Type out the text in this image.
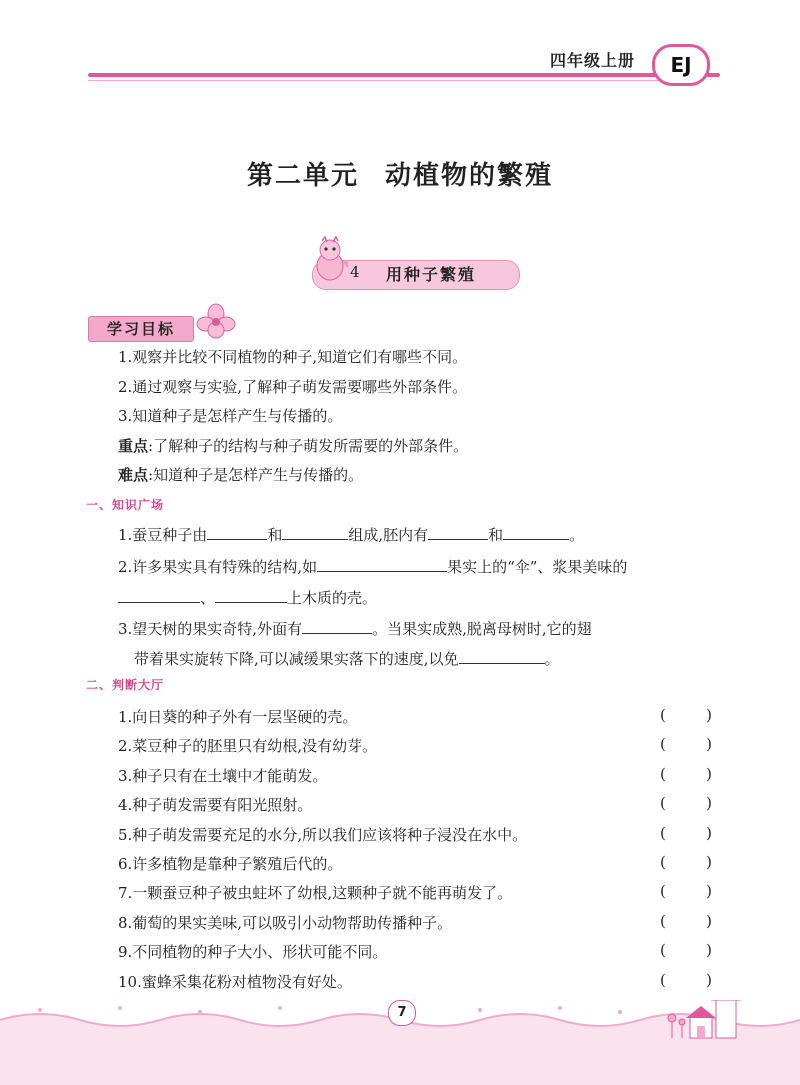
四年级上册	EJ
第二单元 动植物的繁殖
4 用种子繁殖
学习目标
1.观察并比较不同植物的种子,知道它们有哪些不同。
2.通过观察与实验,了解种子萌发需要哪些外部条件。
3.知道种子是怎样产生与传播的。
重点:了解种子的结构与种子萌发所需要的外部条件。
难点:知道种子是怎样产生与传播的。
一、知识广场
1.蚕豆种子由	和	组成,胚内有	和	。
2.许多果实具有特殊的结构,如	果实上的“伞”、浆果美味的
、	上木质的壳。
3.望天树的果实奇特,外面有	。当果实成熟,脱离母树时,它的翅
带着果实旋转下降,可以减缓果实落下的速度,以免	。
二、判断大厅
1.向日葵的种子外有一层坚硬的壳。	(	)
2.菜豆种子的胚里只有幼根,没有幼芽。	(	)
3.种子只有在土壤中才能萌发。	(	)
4.种子萌发需要有阳光照射。	(	)
5.种子萌发需要充足的水分,所以我们应该将种子浸没在水中。	(	)
6.许多植物是靠种子繁殖后代的。	(	)
7.一颗蚕豆种子被虫蛀坏了幼根,这颗种子就不能再萌发了。	(	)
8.葡萄的果实美味,可以吸引小动物帮助传播种子。	(	)
9.不同植物的种子大小、形状可能不同。	(	)
10.蜜蜂采集花粉对植物没有好处。	(	)
7
